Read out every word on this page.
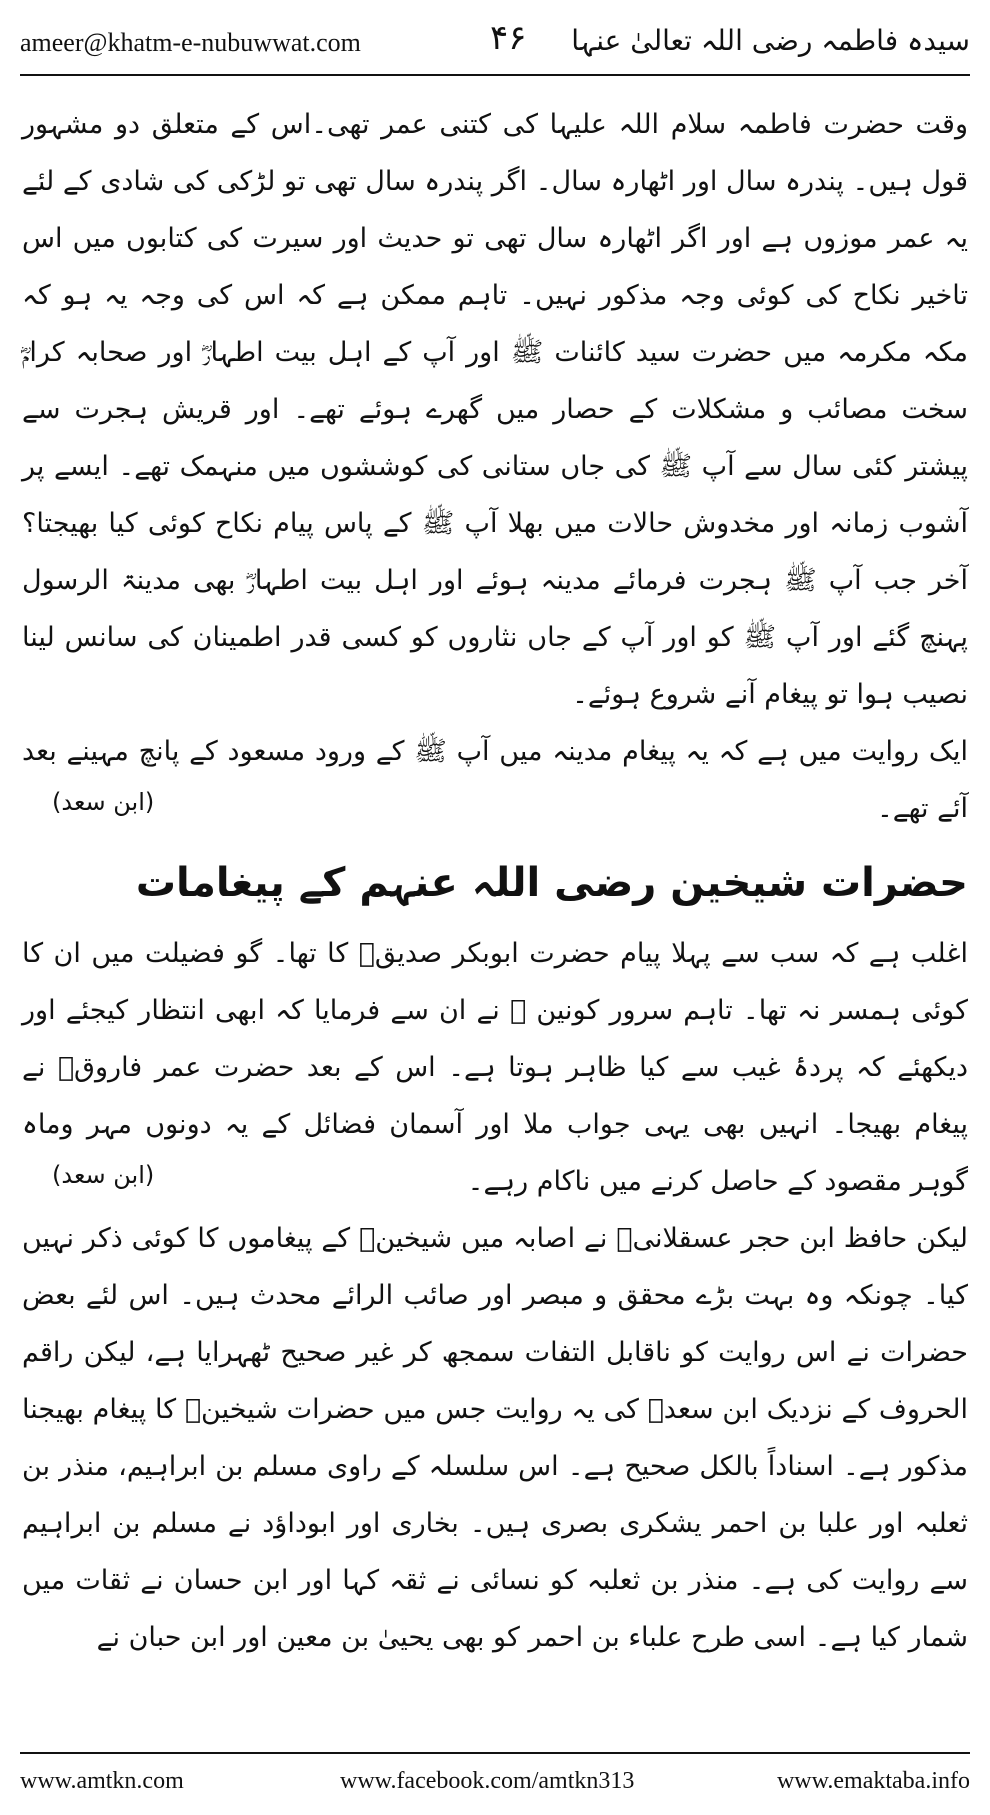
ameer@khatm-e-nubuwwat.com	۴۶ سیدہ فاطمہ رضی اللہ تعالیٰ عنہا

وقت حضرت فاطمہ سلام اللہ علیہا کی کتنی عمر تھی۔اس کے متعلق دو مشہور قول ہیں۔ پندرہ سال اور اٹھارہ سال۔ اگر پندرہ سال تھی تو لڑکی کی شادی کے لئے یہ عمر موزوں ہے اور اگر اٹھارہ سال تھی تو حدیث اور سیرت کی کتابوں میں اس تاخیر نکاح کی کوئی وجہ مذکور نہیں۔ تاہم ممکن ہے کہ اس کی وجہ یہ ہو کہ مکہ مکرمہ میں حضرت سید کائنات ﷺ اور آپ کے اہل بیت اطہارؓ اور صحابہ کرامؓ سخت مصائب و مشکلات کے حصار میں گھرے ہوئے تھے۔ اور قریش ہجرت سے پیشتر کئی سال سے آپ ﷺ کی جاں ستانی کی کوششوں میں منہمک تھے۔ ایسے پر آشوب زمانہ اور مخدوش حالات میں بھلا آپ ﷺ کے پاس پیام نکاح کوئی کیا بھیجتا؟ آخر جب آپ ﷺ ہجرت فرمائے مدینہ ہوئے اور اہل بیت اطہارؓ بھی مدینۃ الرسول پہنچ گئے اور آپ ﷺ کو اور آپ کے جاں نثاروں کو کسی قدر اطمینان کی سانس لینا نصیب ہوا تو پیغام آنے شروع ہوئے۔

ایک روایت میں ہے کہ یہ پیغام مدینہ میں آپ ﷺ کے ورود مسعود کے پانچ مہینے بعد آئے تھے۔
(ابن سعد)

حضرات شیخین رضی اللہ عنہم کے پیغامات

اغلب ہے کہ سب سے پہلا پیام حضرت ابوبکر صدیقؓ کا تھا۔ گو فضیلت میں ان کا کوئی ہمسر نہ تھا۔ تاہم سرور کونین ﷺ نے ان سے فرمایا کہ ابھی انتظار کیجئے اور دیکھئے کہ پردۂ غیب سے کیا ظاہر ہوتا ہے۔ اس کے بعد حضرت عمر فاروقؓ نے پیغام بھیجا۔ انہیں بھی یہی جواب ملا اور آسمان فضائل کے یہ دونوں مہر وماہ گوہر مقصود کے حاصل کرنے میں ناکام رہے۔
(ابن سعد)

لیکن حافظ ابن حجر عسقلانیؒ نے اصابہ میں شیخینؓ کے پیغاموں کا کوئی ذکر نہیں کیا۔ چونکہ وہ بہت بڑے محقق و مبصر اور صائب الرائے محدث ہیں۔ اس لئے بعض حضرات نے اس روایت کو ناقابل التفات سمجھ کر غیر صحیح ٹھہرایا ہے، لیکن راقم الحروف کے نزدیک ابن سعدؒ کی یہ روایت جس میں حضرات شیخینؓ کا پیغام بھیجنا مذکور ہے۔ اسناداً بالکل صحیح ہے۔ اس سلسلہ کے راوی مسلم بن ابراہیم، منذر بن ثعلبہ اور علبا بن احمر یشکری بصری ہیں۔ بخاری اور ابوداؤد نے مسلم بن ابراہیم سے روایت کی ہے۔ منذر بن ثعلبہ کو نسائی نے ثقہ کہا اور ابن حسان نے ثقات میں شمار کیا ہے۔ اسی طرح علباء بن احمر کو بھی یحییٰ بن معین اور ابن حبان نے

www.amtkn.com	www.facebook.com/amtkn313	www.emaktaba.info
